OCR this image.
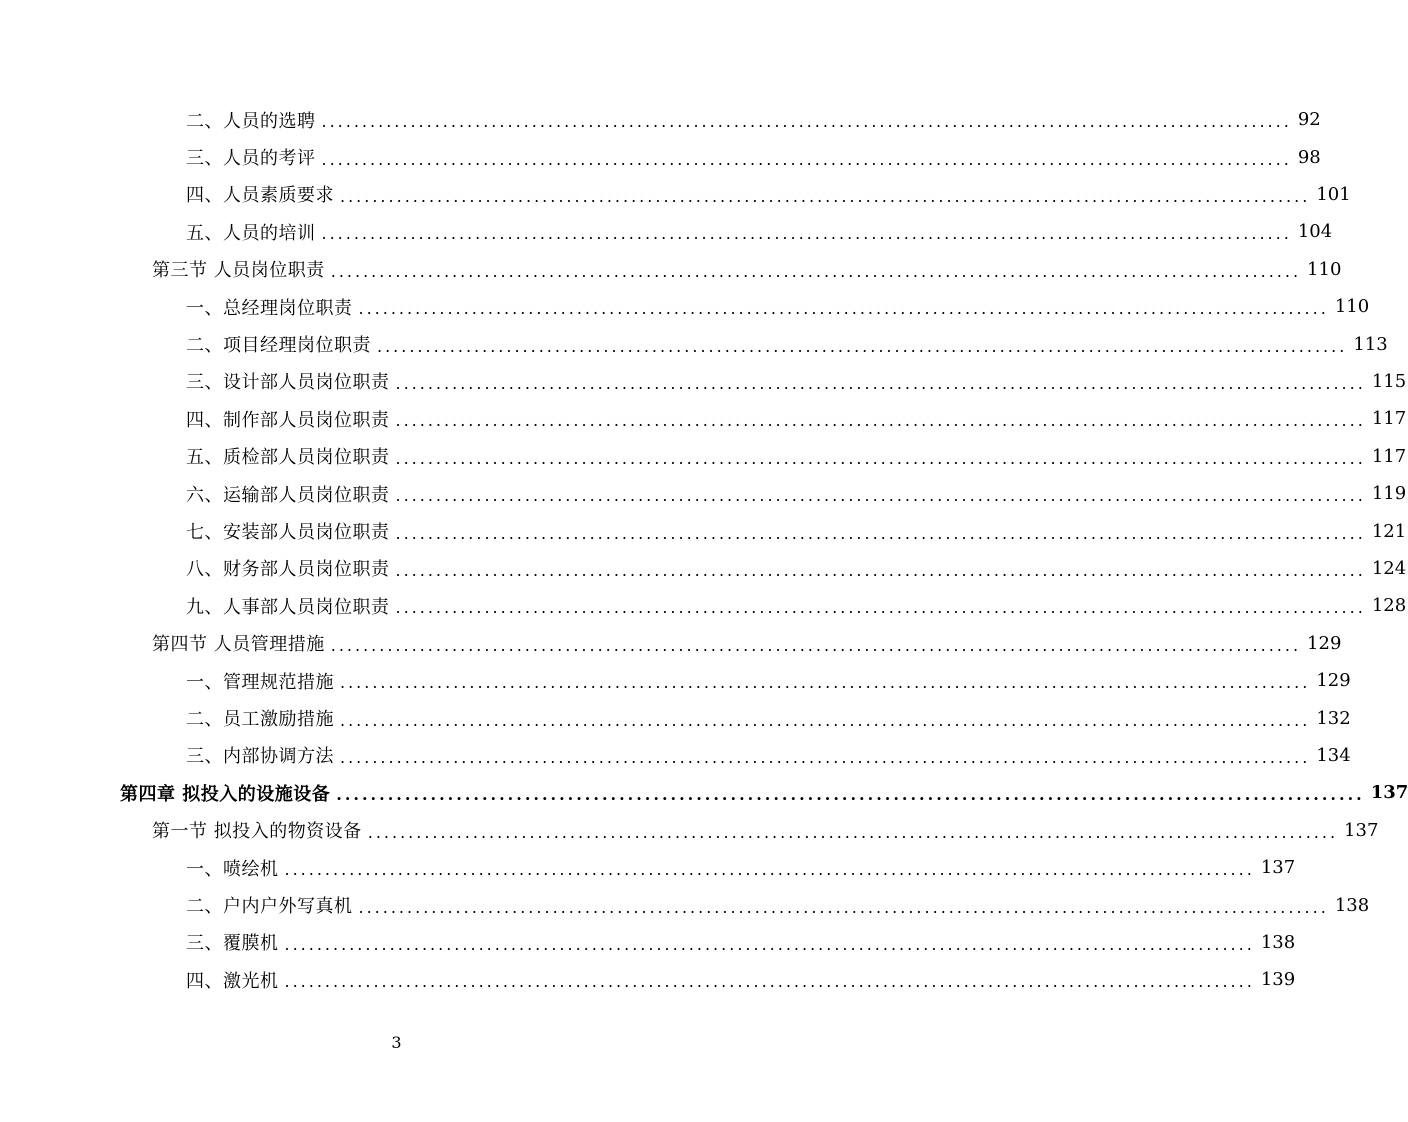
二、人员的选聘 ........................................................................................................................ 92
三、人员的考评 ........................................................................................................................ 98
四、人员素质要求 ........................................................................................................................ 101
五、人员的培训 ........................................................................................................................ 104
第三节 人员岗位职责 ........................................................................................................................ 110
一、总经理岗位职责 ........................................................................................................................ 110
二、项目经理岗位职责 ........................................................................................................................ 113
三、设计部人员岗位职责 ........................................................................................................................ 115
四、制作部人员岗位职责 ........................................................................................................................ 117
五、质检部人员岗位职责 ........................................................................................................................ 117
六、运输部人员岗位职责 ........................................................................................................................ 119
七、安装部人员岗位职责 ........................................................................................................................ 121
八、财务部人员岗位职责 ........................................................................................................................ 124
九、人事部人员岗位职责 ........................................................................................................................ 128
第四节 人员管理措施 ........................................................................................................................ 129
一、管理规范措施 ........................................................................................................................ 129
二、员工激励措施 ........................................................................................................................ 132
三、内部协调方法 ........................................................................................................................ 134
第四章 拟投入的设施设备 ........................................................................................................................ 137
第一节 拟投入的物资设备 ........................................................................................................................ 137
一、喷绘机 ........................................................................................................................ 137
二、户内户外写真机 ........................................................................................................................ 138
三、覆膜机 ........................................................................................................................ 138
四、激光机 ........................................................................................................................ 139
3
